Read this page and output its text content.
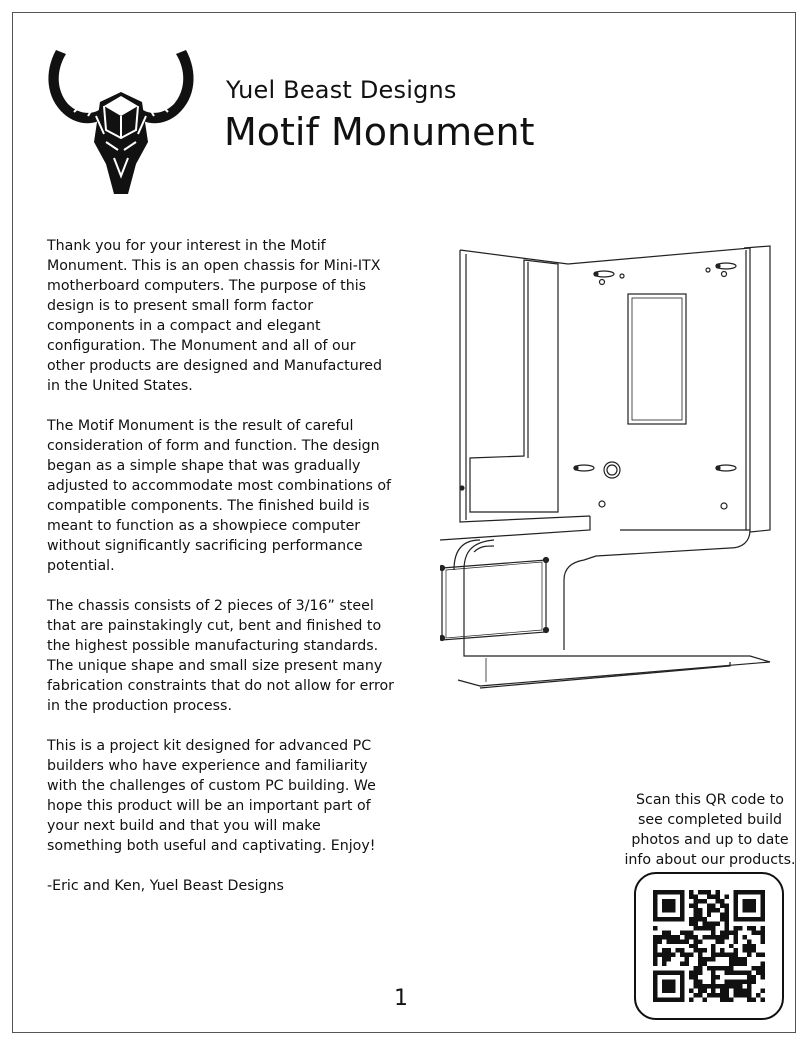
Yuel Beast Designs
Motif Monument

Thank you for your interest in the Motif Monument. This is an open chassis for Mini-ITX motherboard computers. The purpose of this design is to present small form factor components in a compact and elegant configuration. The Monument and all of our other products are designed and Manufactured in the United States.

The Motif Monument is the result of careful consideration of form and function. The design began as a simple shape that was gradually adjusted to accommodate most combinations of compatible components. The finished build is meant to function as a showpiece computer without significantly sacrificing performance potential.

The chassis consists of 2 pieces of 3/16” steel that are painstakingly cut, bent and finished to the highest possible manufacturing standards. The unique shape and small size present many fabrication constraints that do not allow for error in the production process.

This is a project kit designed for advanced PC builders who have experience and familiarity with the challenges of custom PC building. We hope this product will be an important part of your next build and that you will make something both useful and captivating. Enjoy!

-Eric and Ken, Yuel Beast Designs

Scan this QR code to see completed build photos and up to date info about our products.
1
